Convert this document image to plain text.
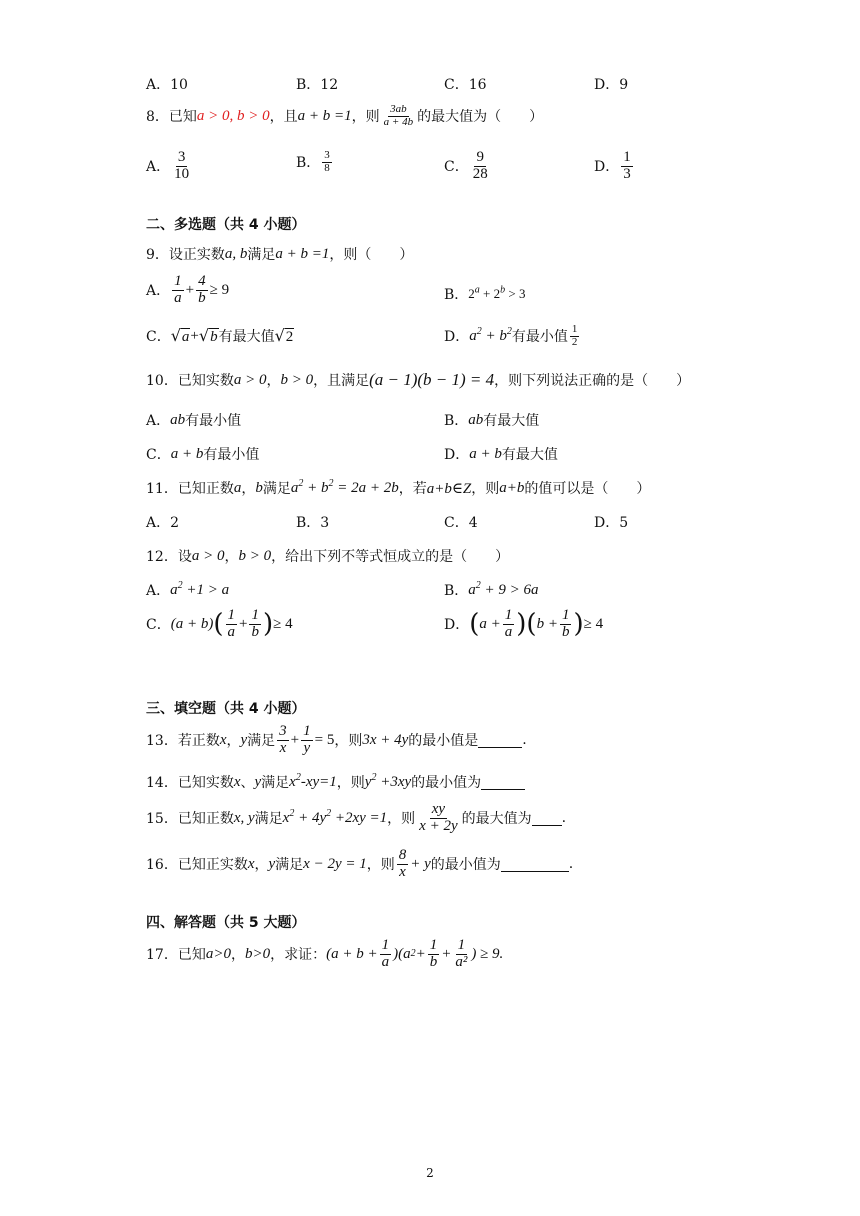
A．10	B．12	C．16	D．9
8． 已知 a > 0, b > 0 ，且 a + b =1 ，则 $\frac{3ab}{a + 4b}$ 的最大值为（　　）
A． $\frac{3}{10}$	B． $\frac{3}{8}$	C． $\frac{9}{28}$	D． $\frac{1}{3}$
二、多选题（共 4 小题）
9． 设正实数 a, b 满足 a + b =1 ，则（　　）
A． $\frac{1}{a} + \frac{4}{b} \ge 9$	B． $2^a + 2^b > 3$
C． √ a + √ b 有最大值 √ 2	D． $a^2 + b^2$ 有最小值 $\frac{1}{2}$
10． 已知实数 a > 0 ， b > 0 ，且满足 (a − 1)(b − 1) = 4 ，则下列说法正确的是（　　）
A． ab 有最小值	B． ab 有最大值
C． a + b 有最小值	D． a + b 有最大值
11． 已知正数 a ， b 满足 $a^2 + b^2 = 2a + 2b$ ，若 a+b∈Z ，则 a+b 的值可以是（　　）
A．2	B．3	C．4	D．5
12． 设 a > 0 ， b > 0 ，给出下列不等式恒成立的是（　　）
A． $a^2 +1 > a$	B． $a^2 + 9 > 6a$
C． (a + b) ( $\frac{1}{a} + \frac{1}{b}$ ) ≥ 4	D． ( $a + \frac{1}{a}$ )( $b + \frac{1}{b}$ ) ≥ 4
三、填空题（共 4 小题）
13． 若正数 x ， y 满足 $\frac{3}{x} + \frac{1}{y} = 5$ ，则 3x + 4y 的最小值是	.
14． 已知实数 x 、 y 满足 $x^2-xy=1$ ，则 $y^2 +3xy$ 的最小值为
15． 已知正数 x, y 满足 $x^2 + 4y^2 +2xy =1$ ，则 $\frac{xy}{x + 2y}$ 的最大值为 .
16． 已知正实数 x ， y 满足 x − 2y = 1 ，则 $\frac{8}{x} + y$ 的最小值为	.
四、解答题（共 5 大题）
17． 已知 a>0 ， b>0 ，求证： $(a + b + \frac{1}{a} )(a$ $2 + \frac{1}{b} + \frac{1}{\text{a²}}$ ) ≥ 9.
2
